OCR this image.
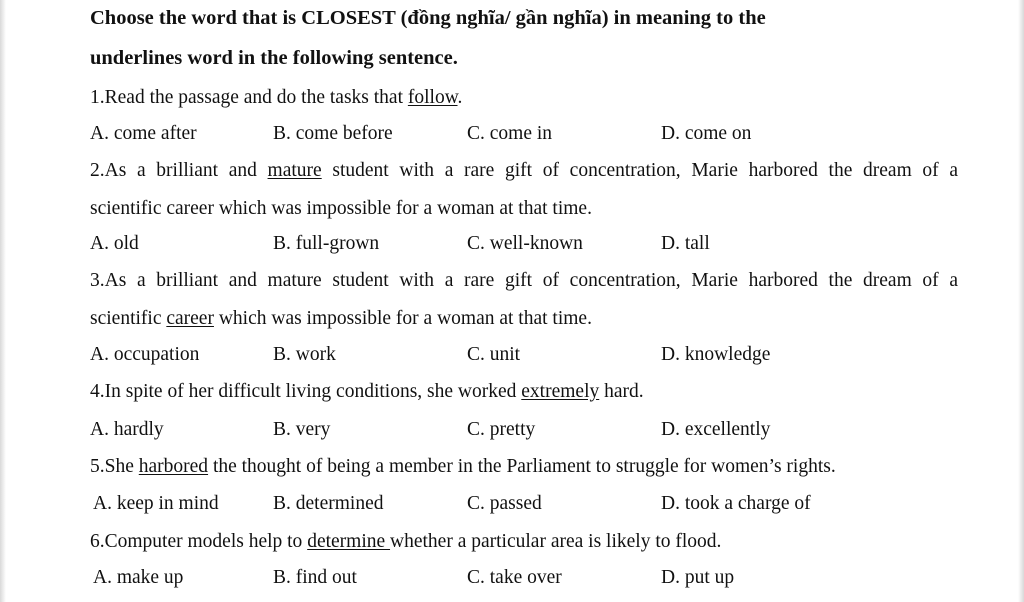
Choose the word that is CLOSEST (đồng nghĩa/ gần nghĩa) in meaning to the
underlines word in the following sentence.
1.Read the passage and do the tasks that follow.
A. come after	B. come before	C. come in	D. come on
2.As a brilliant and mature student with a rare gift of concentration, Marie harbored the dream of a
scientific career which was impossible for a woman at that time.
A. old	B. full-grown	C. well-known	D. tall
3.As a brilliant and mature student with a rare gift of concentration, Marie harbored the dream of a
scientific career which was impossible for a woman at that time.
A. occupation	B. work	C. unit	D. knowledge
4.In spite of her difficult living conditions, she worked extremely hard.
A. hardly	B. very	C. pretty	D. excellently
5.She harbored the thought of being a member in the Parliament to struggle for women’s rights.
A. keep in mind	B. determined	C. passed	D. took a charge of
6.Computer models help to determine whether a particular area is likely to flood.
A. make up	B. find out	C. take over	D. put up
